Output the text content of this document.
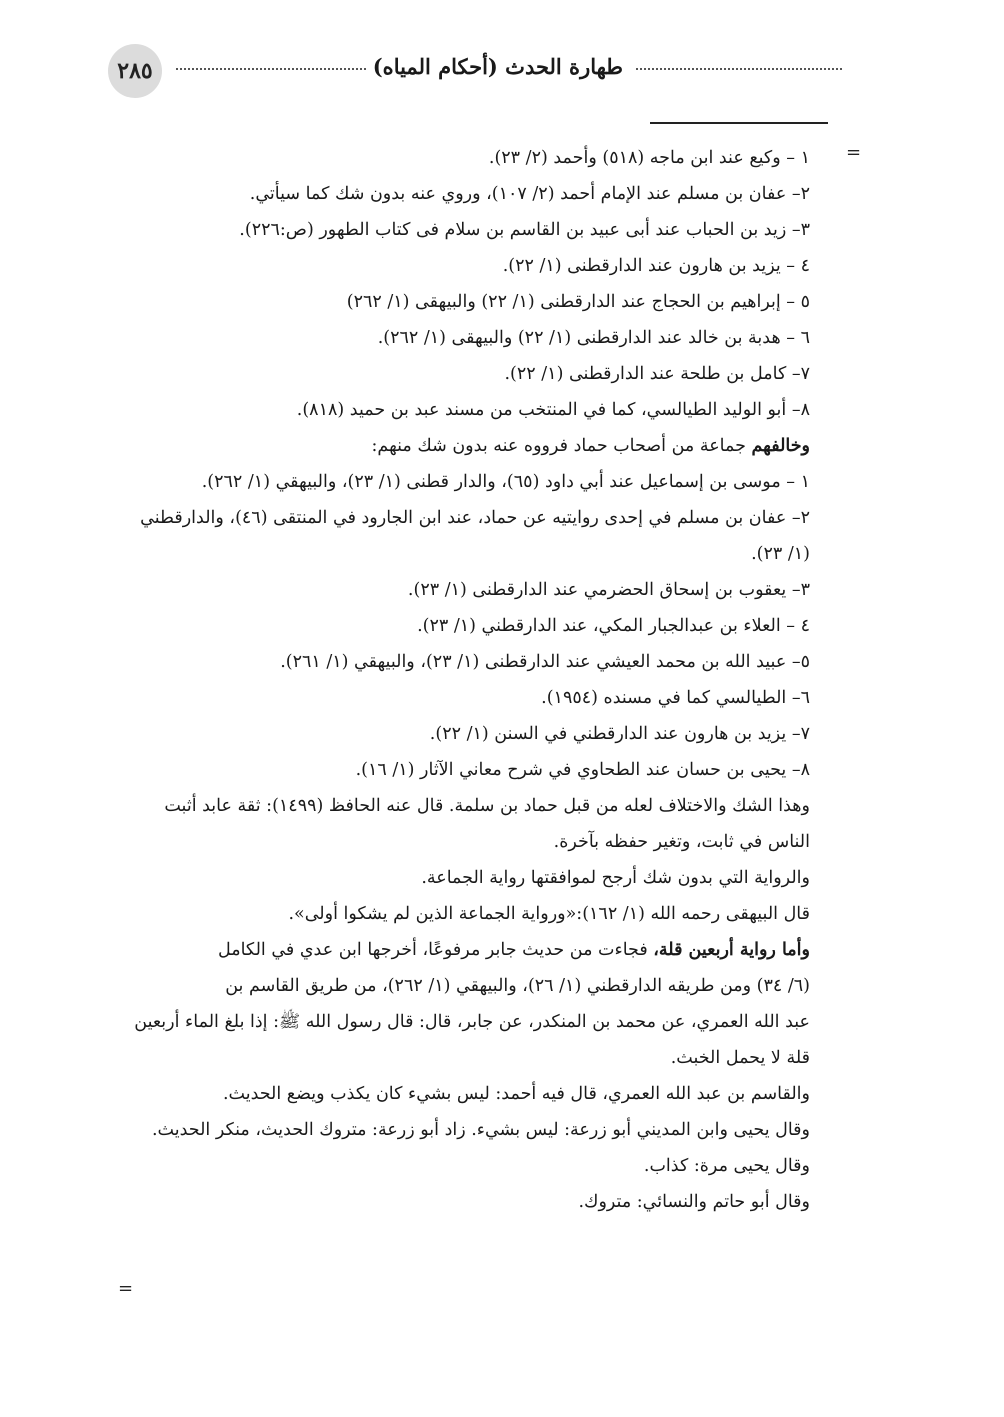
٢٨٥	طهارة الحدث (أحكام المياه)
=
=
١ – وكيع عند ابن ماجه (٥١٨) وأحمد (٢/ ٢٣).
٢– عفان بن مسلم عند الإمام أحمد (٢/ ١٠٧)، وروي عنه بدون شك كما سيأتي.
٣– زيد بن الحباب عند أبى عبيد بن القاسم بن سلام فى كتاب الطهور (ص:٢٢٦).
٤ – يزيد بن هارون عند الدارقطنى (١/ ٢٢).
٥ – إبراهيم بن الحجاج عند الدارقطنى (١/ ٢٢) والبيهقى (١/ ٢٦٢)
٦ – هدبة بن خالد عند الدارقطنى (١/ ٢٢) والبيهقى (١/ ٢٦٢).
٧– كامل بن طلحة عند الدارقطنى (١/ ٢٢).
٨– أبو الوليد الطيالسي، كما في المنتخب من مسند عبد بن حميد (٨١٨).
وخالفهم جماعة من أصحاب حماد فرووه عنه بدون شك منهم:
١ – موسى بن إسماعيل عند أبي داود (٦٥)، والدار قطنى (١/ ٢٣)، والبيهقي (١/ ٢٦٢).
٢– عفان بن مسلم في إحدى روايتيه عن حماد، عند ابن الجارود في المنتقى (٤٦)، والدارقطني
(١/ ٢٣).
٣– يعقوب بن إسحاق الحضرمي عند الدارقطنى (١/ ٢٣).
٤ – العلاء بن عبدالجبار المكي، عند الدارقطني (١/ ٢٣).
٥– عبيد الله بن محمد العيشي عند الدارقطنى (١/ ٢٣)، والبيهقي (١/ ٢٦١).
٦– الطيالسي كما في مسنده (١٩٥٤).
٧– يزيد بن هارون عند الدارقطني في السنن (١/ ٢٢).
٨– يحيى بن حسان عند الطحاوي في شرح معاني الآثار (١/ ١٦).
وهذا الشك والاختلاف لعله من قبل حماد بن سلمة. قال عنه الحافظ (١٤٩٩): ثقة عابد أثبت
الناس في ثابت، وتغير حفظه بآخرة.
والرواية التي بدون شك أرجح لموافقتها رواية الجماعة.
قال البيهقى رحمه الله (١/ ١٦٢):«ورواية الجماعة الذين لم يشكوا أولى».
وأما رواية أربعين قلة، فجاءت من حديث جابر مرفوعًا، أخرجها ابن عدي في الكامل
(٦/ ٣٤) ومن طريقه الدارقطني (١/ ٢٦)، والبيهقي (١/ ٢٦٢)، من طريق القاسم بن
عبد الله العمري، عن محمد بن المنكدر، عن جابر، قال: قال رسول الله ﷺ: إذا بلغ الماء أربعين
قلة لا يحمل الخبث.
والقاسم بن عبد الله العمري، قال فيه أحمد: ليس بشيء كان يكذب ويضع الحديث.
وقال يحيى وابن المديني أبو زرعة: ليس بشيء. زاد أبو زرعة: متروك الحديث، منكر الحديث.
وقال يحيى مرة: كذاب.
وقال أبو حاتم والنسائي: متروك.
